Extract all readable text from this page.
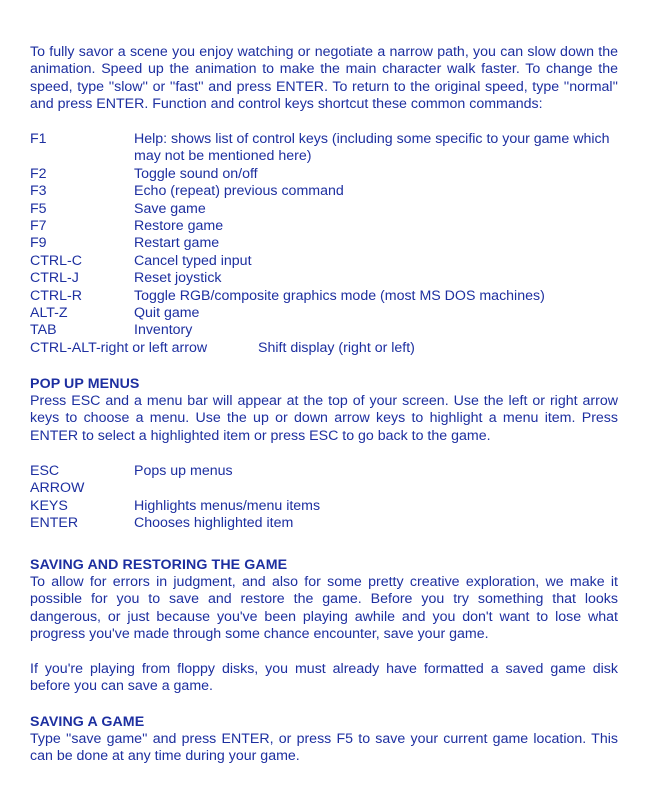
To fully savor a scene you enjoy watching or negotiate a narrow path, you can slow down the animation. Speed up the animation to make the main character walk faster. To change the speed, type ''slow'' or ''fast'' and press ENTER. To return to the original speed, type ''normal'' and press ENTER. Function and control keys shortcut these common commands:

F1	Help: shows list of control keys (including some specific to your game which may not be mentioned here)
F2	Toggle sound on/off
F3	Echo (repeat) previous command
F5	Save game
F7	Restore game
F9	Restart game
CTRL-C	Cancel typed input
CTRL-J	Reset joystick
CTRL-R	Toggle RGB/composite graphics mode (most MS DOS machines)
ALT-Z	Quit game
TAB	Inventory
CTRL-ALT-right or left arrow	Shift display (right or left)
POP UP MENUS

Press ESC and a menu bar will appear at the top of your screen. Use the left or right arrow keys to choose a menu. Use the up or down arrow keys to highlight a menu item. Press ENTER to select a highlighted item or press ESC to go back to the game.

ESC	Pops up menus
ARROW
KEYS	Highlights menus/menu items
ENTER	Chooses highlighted item
SAVING AND RESTORING THE GAME

To allow for errors in judgment, and also for some pretty creative exploration, we make it possible for you to save and restore the game. Before you try something that looks dangerous, or just because you've been playing awhile and you don't want to lose what progress you've made through some chance encounter, save your game.

If you're playing from floppy disks, you must already have formatted a saved game disk before you can save a game.

SAVING A GAME

Type ''save game'' and press ENTER, or press F5 to save your current game location. This can be done at any time during your game.
